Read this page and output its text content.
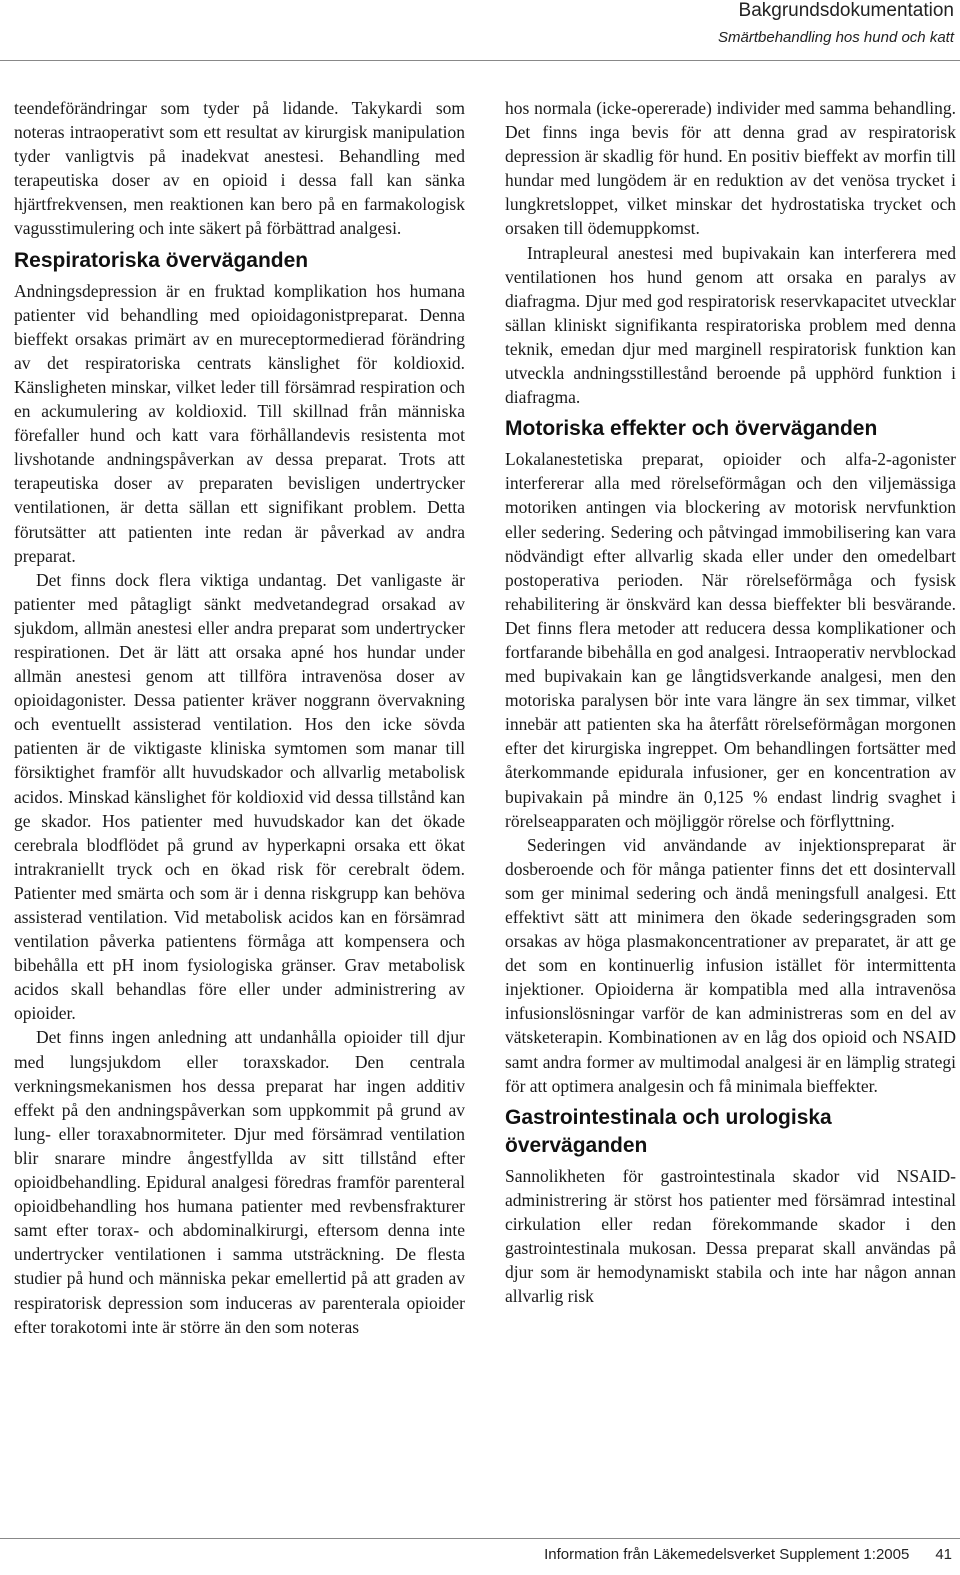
Bakgrundsdokumentation
Smärtbehandling hos hund och katt

teendeförändringar som tyder på lidande. Takykardi som noteras intraoperativt som ett resultat av kirurgisk manipulation tyder vanligtvis på inadekvat anestesi. Behandling med terapeutiska doser av en opioid i dessa fall kan sänka hjärtfrekvensen, men reaktionen kan bero på en farmakologisk vagusstimulering och inte säkert på förbättrad analgesi.

Respiratoriska överväganden

Andningsdepression är en fruktad komplikation hos humana patienter vid behandling med opioidagonistpreparat. Denna bieffekt orsakas primärt av en mureceptormedierad förändring av det respiratoriska centrats känslighet för koldioxid. Känsligheten minskar, vilket leder till försämrad respiration och en ackumulering av koldioxid. Till skillnad från människa förefaller hund och katt vara förhållandevis resistenta mot livshotande andningspåverkan av dessa preparat. Trots att terapeutiska doser av preparaten bevisligen undertrycker ventilationen, är detta sällan ett signifikant problem. Detta förutsätter att patienten inte redan är påverkad av andra preparat.

Det finns dock flera viktiga undantag. Det vanligaste är patienter med påtagligt sänkt medvetandegrad orsakad av sjukdom, allmän anestesi eller andra preparat som undertrycker respirationen. Det är lätt att orsaka apné hos hundar under allmän anestesi genom att tillföra intravenösa doser av opioidagonister. Dessa patienter kräver noggrann övervakning och eventuellt assisterad ventilation. Hos den icke sövda patienten är de viktigaste kliniska symtomen som manar till försiktighet framför allt huvudskador och allvarlig metabolisk acidos. Minskad känslighet för koldioxid vid dessa tillstånd kan ge skador. Hos patienter med huvudskador kan det ökade cerebrala blodflödet på grund av hyperkapni orsaka ett ökat intrakraniellt tryck och en ökad risk för cerebralt ödem. Patienter med smärta och som är i denna riskgrupp kan behöva assisterad ventilation. Vid metabolisk acidos kan en försämrad ventilation påverka patientens förmåga att kompensera och bibehålla ett pH inom fysiologiska gränser. Grav metabolisk acidos skall behandlas före eller under administrering av opioider.

Det finns ingen anledning att undanhålla opioider till djur med lungsjukdom eller toraxskador. Den centrala verkningsmekanismen hos dessa preparat har ingen additiv effekt på den andningspåverkan som uppkommit på grund av lung- eller toraxabnormiteter. Djur med försämrad ventilation blir snarare mindre ångestfyllda av sitt tillstånd efter opioidbehandling. Epidural analgesi föredras framför parenteral opioidbehandling hos humana patienter med revbensfrakturer samt efter torax- och abdominalkirurgi, eftersom denna inte undertrycker ventilationen i samma utsträckning. De flesta studier på hund och människa pekar emellertid på att graden av respiratorisk depression som induceras av parenterala opioider efter torakotomi inte är större än den som noteras

hos normala (icke-opererade) individer med samma behandling. Det finns inga bevis för att denna grad av respiratorisk depression är skadlig för hund. En positiv bieffekt av morfin till hundar med lungödem är en reduktion av det venösa trycket i lungkretsloppet, vilket minskar det hydrostatiska trycket och orsaken till ödemuppkomst.

Intrapleural anestesi med bupivakain kan interferera med ventilationen hos hund genom att orsaka en paralys av diafragma. Djur med god respiratorisk reservkapacitet utvecklar sällan kliniskt signifikanta respiratoriska problem med denna teknik, emedan djur med marginell respiratorisk funktion kan utveckla andningsstillestånd beroende på upphörd funktion i diafragma.

Motoriska effekter och överväganden

Lokalanestetiska preparat, opioider och alfa-2-agonister interfererar alla med rörelseförmågan och den viljemässiga motoriken antingen via blockering av motorisk nervfunktion eller sedering. Sedering och påtvingad immobilisering kan vara nödvändigt efter allvarlig skada eller under den omedelbart postoperativa perioden. När rörelseförmåga och fysisk rehabilitering är önskvärd kan dessa bieffekter bli besvärande. Det finns flera metoder att reducera dessa komplikationer och fortfarande bibehålla en god analgesi. Intraoperativ nervblockad med bupivakain kan ge långtidsverkande analgesi, men den motoriska paralysen bör inte vara längre än sex timmar, vilket innebär att patienten ska ha återfått rörelseförmågan morgonen efter det kirurgiska ingreppet. Om behandlingen fortsätter med återkommande epidurala infusioner, ger en koncentration av bupivakain på mindre än 0,125 % endast lindrig svaghet i rörelseapparaten och möjliggör rörelse och förflyttning.

Sederingen vid användande av injektionspreparat är dosberoende och för många patienter finns det ett dosintervall som ger minimal sedering och ändå meningsfull analgesi. Ett effektivt sätt att minimera den ökade sederingsgraden som orsakas av höga plasmakoncentrationer av preparatet, är att ge det som en kontinuerlig infusion istället för intermittenta injektioner. Opioiderna är kompatibla med alla intravenösa infusionslösningar varför de kan administreras som en del av vätsketerapin. Kombinationen av en låg dos opioid och NSAID samt andra former av multimodal analgesi är en lämplig strategi för att optimera analgesin och få minimala bieffekter.

Gastrointestinala och urologiska överväganden

Sannolikheten för gastrointestinala skador vid NSAID-administrering är störst hos patienter med försämrad intestinal cirkulation eller redan förekommande skador i den gastrointestinala mukosan. Dessa preparat skall användas på djur som är hemodynamiskt stabila och inte har någon annan allvarlig risk

Information från Läkemedelsverket Supplement 1:2005 41
